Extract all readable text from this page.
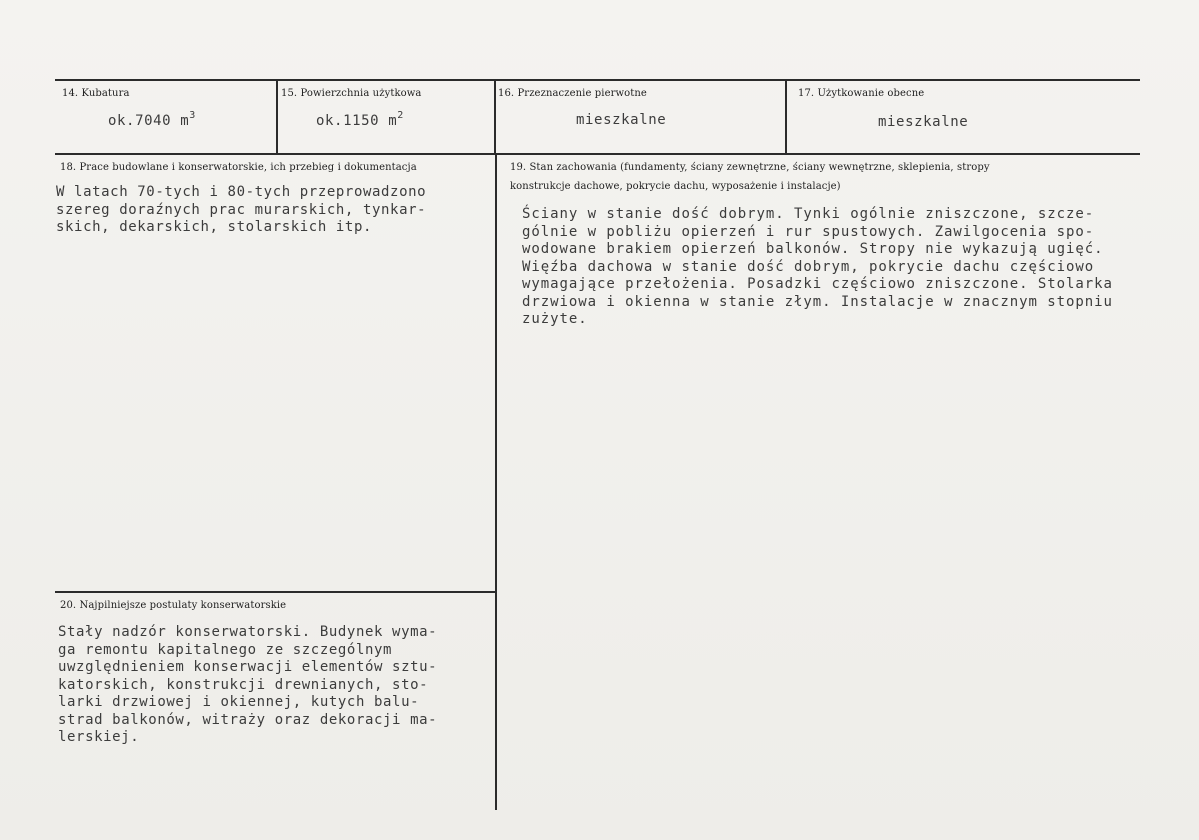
14. Kubatura
ok.7040 $m^3$
15. Powierzchnia użytkowa
ok.1150 $m^2$
16. Przeznaczenie pierwotne
mieszkalne
17. Użytkowanie obecne
mieszkalne
18. Prace budowlane i konserwatorskie, ich przebieg i dokumentacja
W latach 70-tych i 80-tych przeprowadzono
szereg doraźnych prac murarskich, tynkar-
skich, dekarskich, stolarskich itp.
19. Stan zachowania (fundamenty, ściany zewnętrzne, ściany wewnętrzne, sklepienia, stropy
konstrukcje dachowe, pokrycie dachu, wyposażenie i instalacje)
Ściany w stanie dość dobrym. Tynki ogólnie zniszczone, szcze-
gólnie w pobliżu opierzeń i rur spustowych. Zawilgocenia spo-
wodowane brakiem opierzeń balkonów. Stropy nie wykazują ugięć.
Więźba dachowa w stanie dość dobrym, pokrycie dachu częściowo
wymagające przełożenia. Posadzki częściowo zniszczone. Stolarka
drzwiowa i okienna w stanie złym. Instalacje w znacznym stopniu
zużyte.
20. Najpilniejsze postulaty konserwatorskie
Stały nadzór konserwatorski. Budynek wyma-
ga remontu kapitalnego ze szczególnym
uwzględnieniem konserwacji elementów sztu-
katorskich, konstrukcji drewnianych, sto-
larki drzwiowej i okiennej, kutych balu-
strad balkonów, witraży oraz dekoracji ma-
lerskiej.
